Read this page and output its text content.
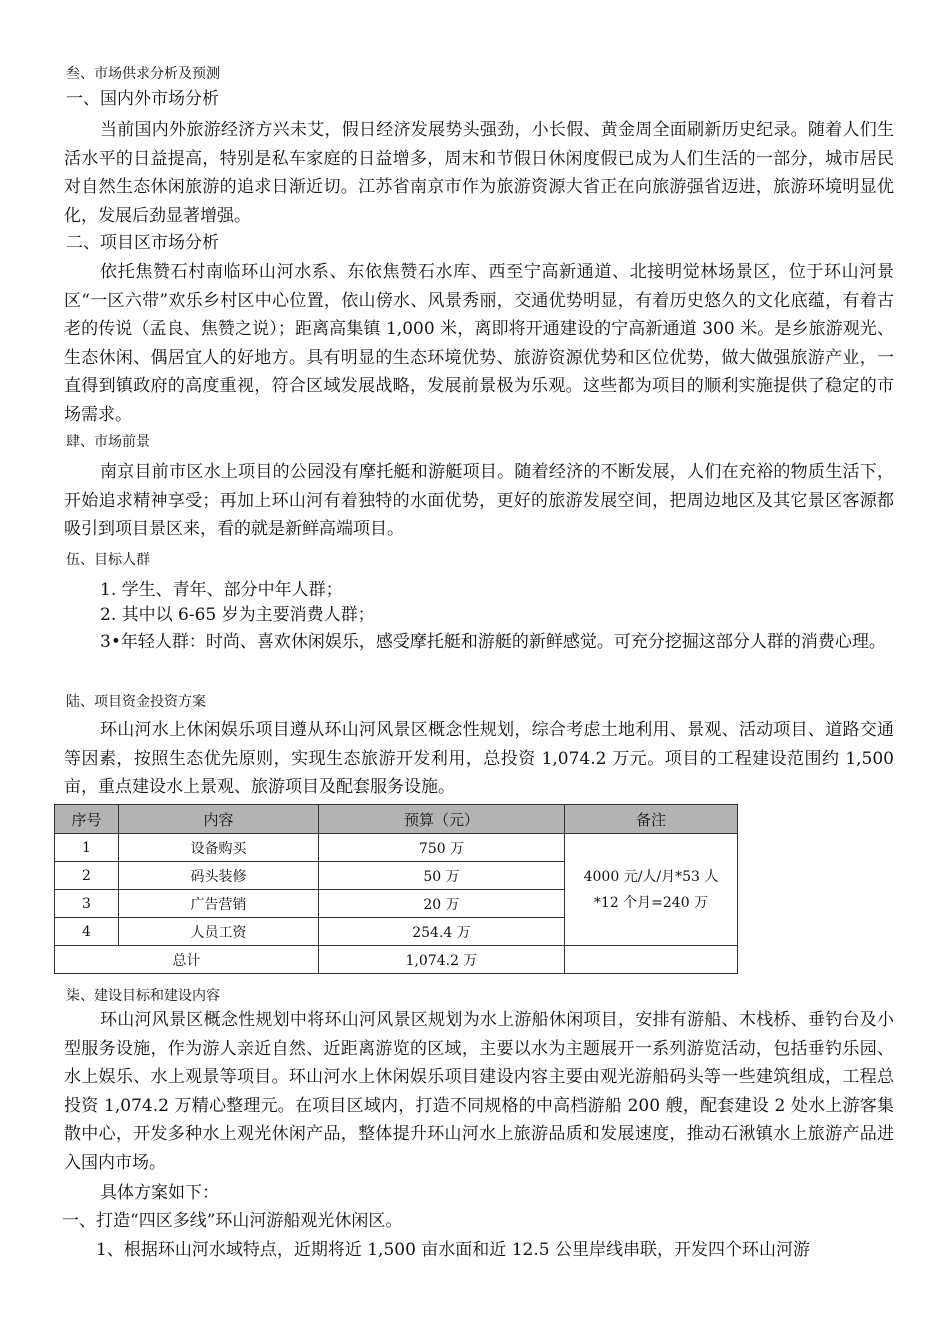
叁、市场供求分析及预测
一、国内外市场分析

当前国内外旅游经济方兴未艾，假日经济发展势头强劲，小长假、黄金周全面刷新历史纪录。随着人们生活水平的日益提高，特别是私车家庭的日益增多，周末和节假日休闲度假已成为人们生活的一部分，城市居民对自然生态休闲旅游的追求日渐近切。江苏省南京市作为旅游资源大省正在向旅游强省迈进，旅游环境明显优化，发展后劲显著增强。

二、项目区市场分析

依托焦赞石村南临环山河水系、东依焦赞石水库、西至宁高新通道、北接明觉林场景区，位于环山河景区“一区六带”欢乐乡村区中心位置，依山傍水、风景秀丽，交通优势明显，有着历史悠久的文化底蕴，有着古老的传说（孟良、焦赞之说）；距离高集镇 1,000 米，离即将开通建设的宁高新通道 300 米。是乡旅游观光、生态休闲、偶居宜人的好地方。具有明显的生态环境优势、旅游资源优势和区位优势，做大做强旅游产业，一直得到镇政府的高度重视，符合区域发展战略，发展前景极为乐观。这些都为项目的顺利实施提供了稳定的市场需求。

肆、市场前景

南京目前市区水上项目的公园没有摩托艇和游艇项目。随着经济的不断发展，人们在充裕的物质生活下，开始追求精神享受；再加上环山河有着独特的水面优势，更好的旅游发展空间，把周边地区及其它景区客源都吸引到项目景区来，看的就是新鲜高端项目。

伍、目标人群
1. 学生、青年、部分中年人群；
2. 其中以 6-65 岁为主要消费人群；

3•年轻人群：时尚、喜欢休闲娱乐，感受摩托艇和游艇的新鲜感觉。可充分挖掘这部分人群的消费心理。

陆、项目资金投资方案

环山河水上休闲娱乐项目遵从环山河风景区概念性规划，综合考虑土地利用、景观、活动项目、道路交通等因素，按照生态优先原则，实现生态旅游开发利用，总投资 1,074.2 万元。项目的工程建设范围约 1,500 亩，重点建设水上景观、旅游项目及配套服务设施。

序号	内容	预算（元）	备注
1	设备购买	750 万	4000 元/人/月*53 人
*12 个月=240 万
2	码头装修	50 万	
3	广告营销	20 万	
4	人员工资	254.4 万	
总计		1,074.2 万	
柒、建设目标和建设内容

环山河风景区概念性规划中将环山河风景区规划为水上游船休闲项目，安排有游船、木栈桥、垂钓台及小型服务设施，作为游人亲近自然、近距离游览的区域，主要以水为主题展开一系列游览活动，包括垂钓乐园、水上娱乐、水上观景等项目。环山河水上休闲娱乐项目建设内容主要由观光游船码头等一些建筑组成，工程总投资 1,074.2 万精心整理元。在项目区域内，打造不同规格的中高档游船 200 艘，配套建设 2 处水上游客集散中心，开发多种水上观光休闲产品，整体提升环山河水上旅游品质和发展速度，推动石湫镇水上旅游产品进入国内市场。

具体方案如下：
一、打造“四区多线”环山河游船观光休闲区。
1、根据环山河水域特点，近期将近 1,500 亩水面和近 12.5 公里岸线串联，开发四个环山河游
